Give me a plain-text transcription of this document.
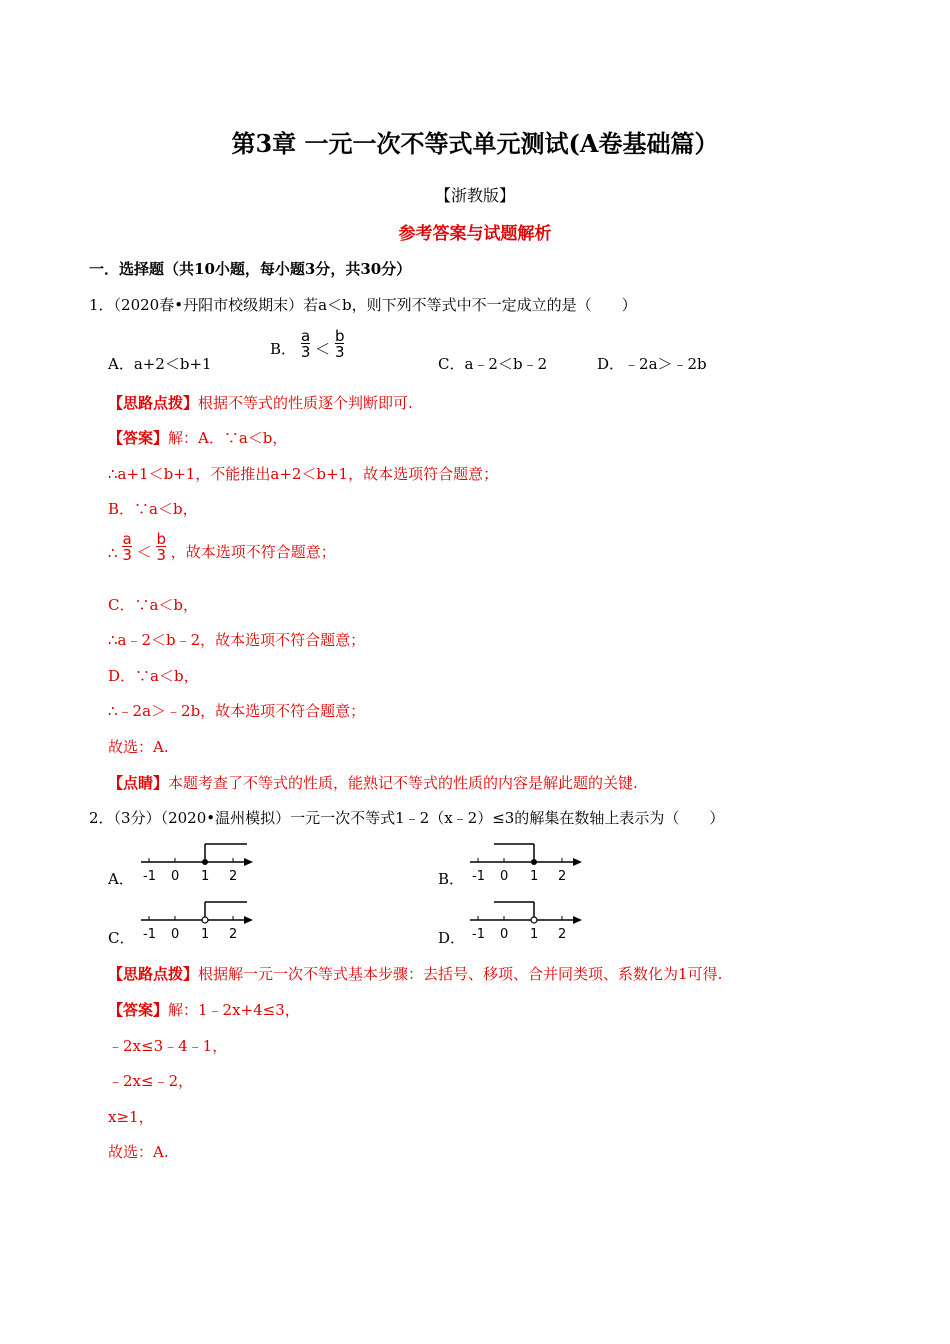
第3章 一元一次不等式单元测试(A卷基础篇）
【浙教版】
参考答案与试题解析
一．选择题（共10小题，每小题3分，共30分）
1．（2020春•丹阳市校级期末）若a＜b，则下列不等式中不一定成立的是（　　）
A．a+2＜b+1
B． $\frac{a}{3} < \frac{b}{3}$
C．a﹣2＜b﹣2	D．﹣2a＞﹣2b
【思路点拨】根据不等式的性质逐个判断即可.
【答案】解：A．∵a＜b，
∴a+1＜b+1，不能推出a+2＜b+1，故本选项符合题意；
B．∵a＜b，
∴ $\frac{a}{3} < \frac{b}{3}$ ，故本选项不符合题意；
C．∵a＜b，
∴a﹣2＜b﹣2，故本选项不符合题意；
D．∵a＜b，
∴﹣2a＞﹣2b，故本选项不符合题意；
故选：A.
【点睛】本题考查了不等式的性质，能熟记不等式的性质的内容是解此题的关键.
2．（3分）（2020•温州模拟）一元一次不等式1﹣2（x﹣2）≤3的解集在数轴上表示为（　　）
A． -1 0 1 2	B． -1 0 1 2
C． -1 0 1 2	D． -1 0 1 2
【思路点拨】根据解一元一次不等式基本步骤：去括号、移项、合并同类项、系数化为1可得.
【答案】解：1﹣2x+4≤3，
﹣2x≤3﹣4﹣1，
﹣2x≤﹣2，
x≥1，
故选：A.
